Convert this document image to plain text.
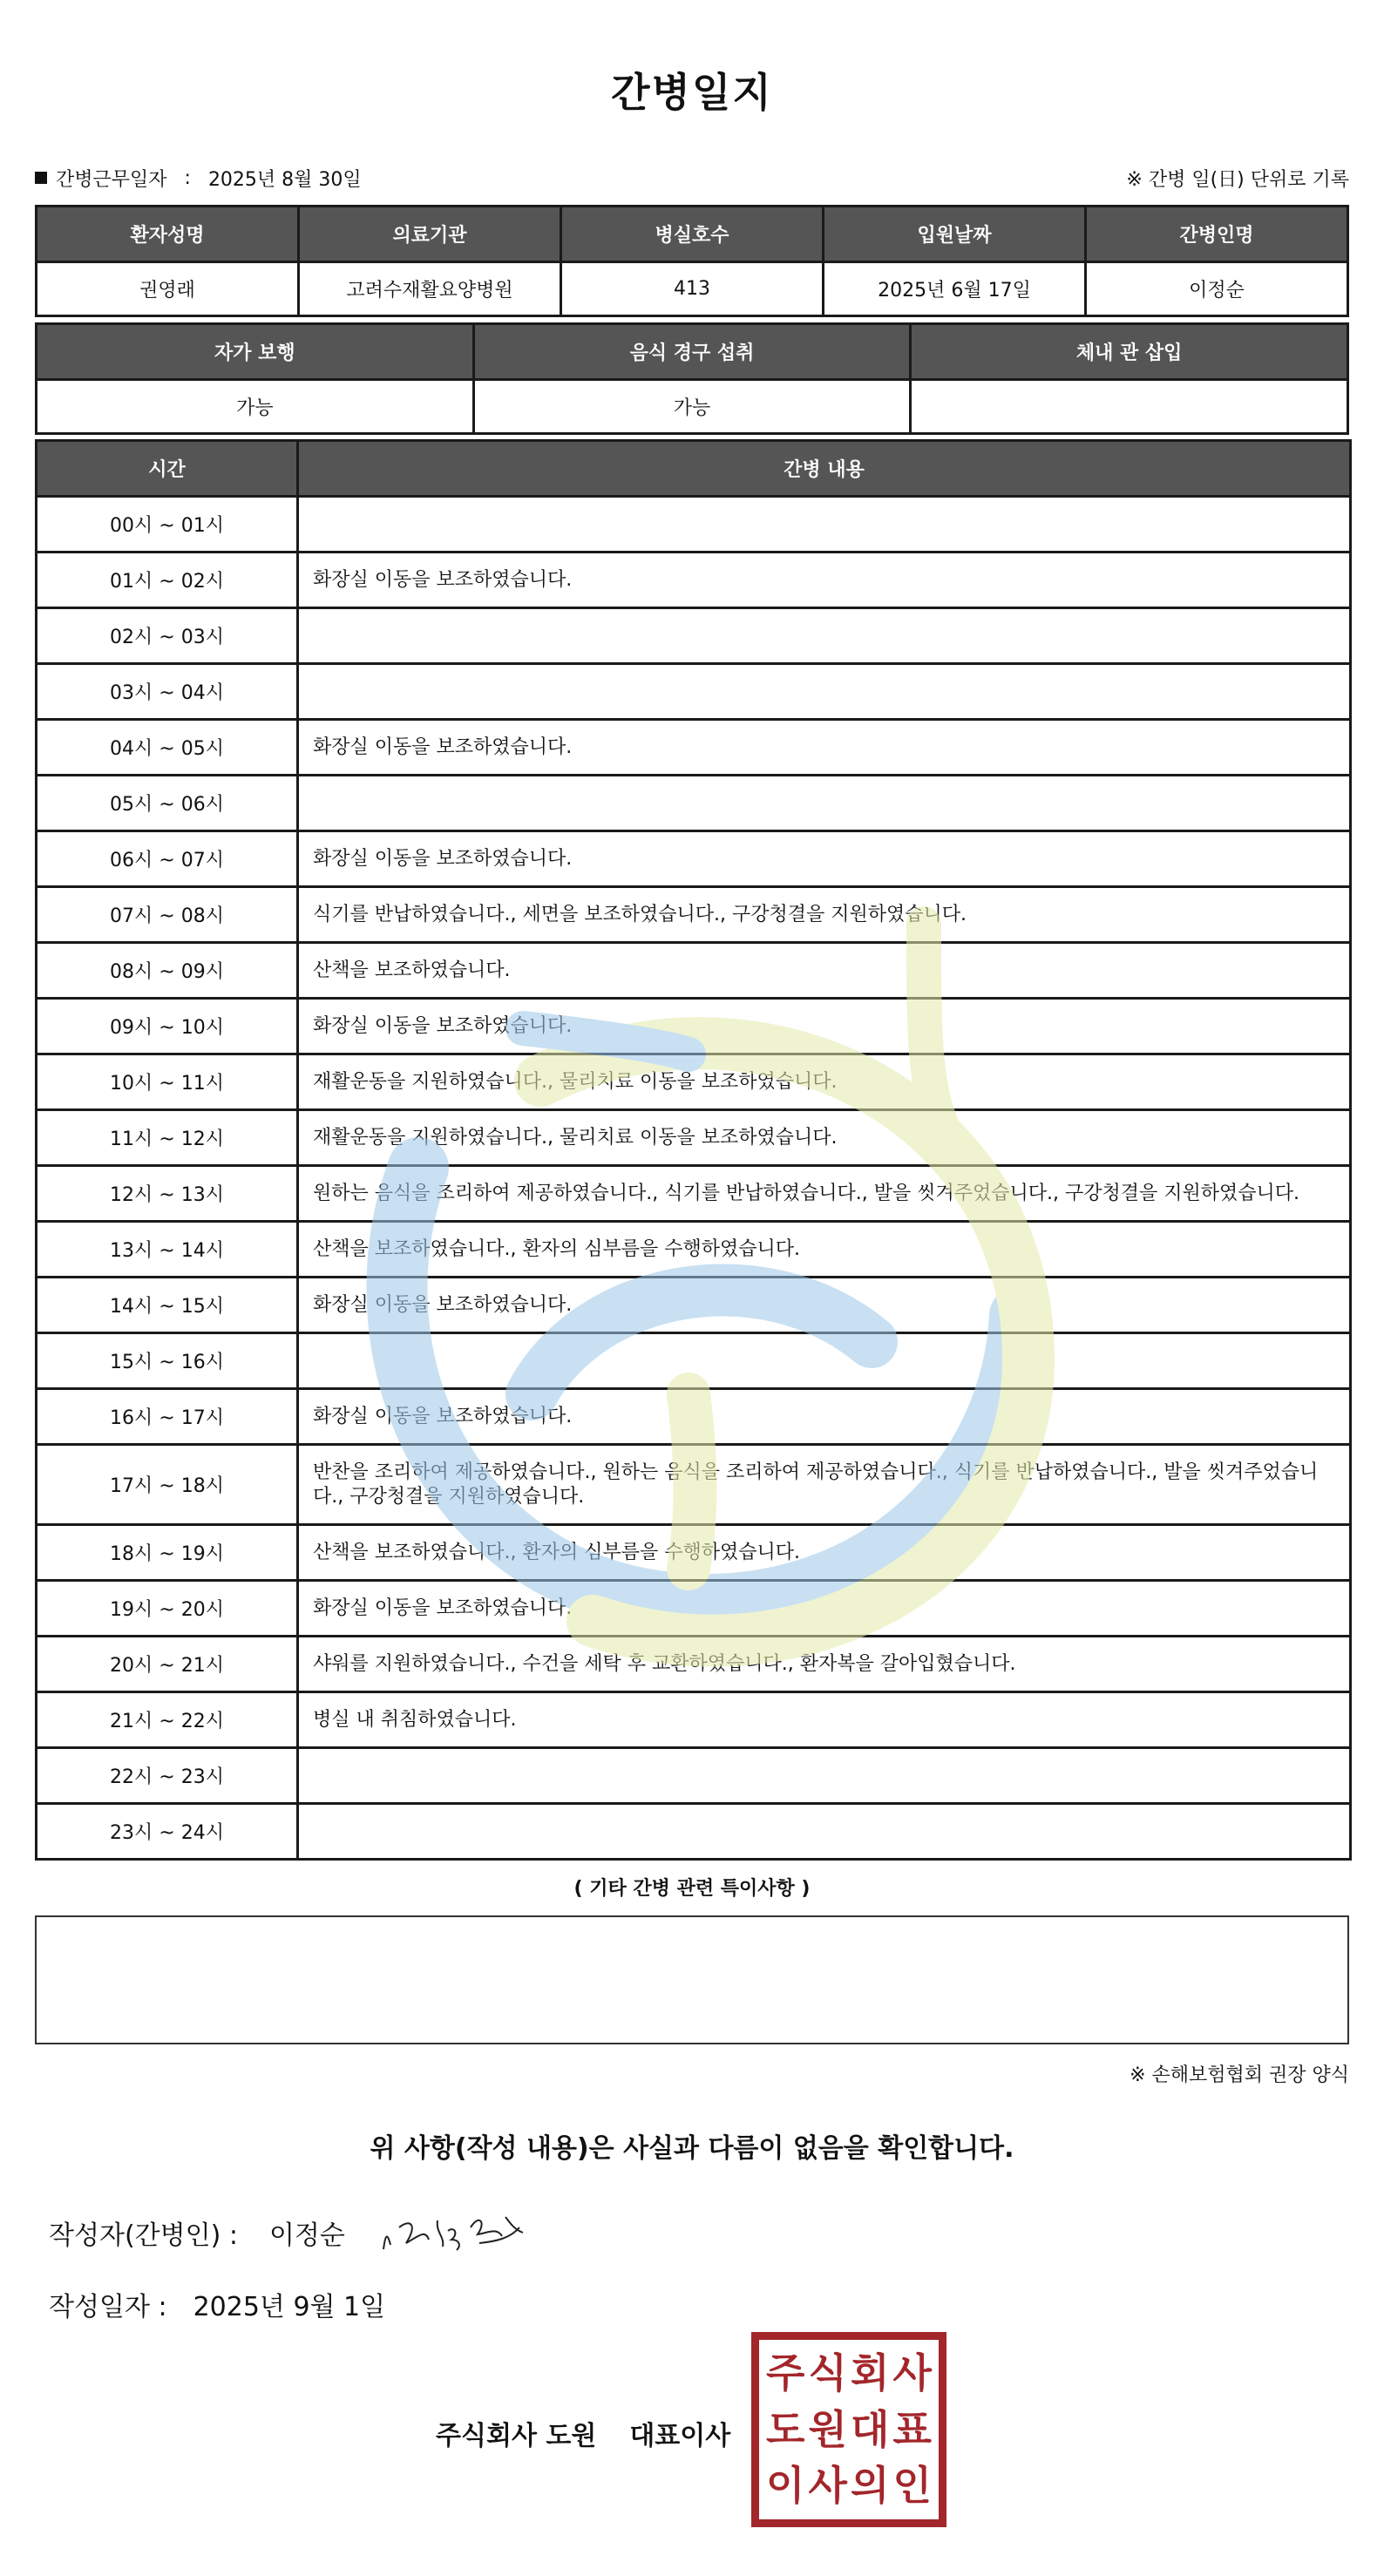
간병일지
간병근무일자 : 2025년 8월 30일	※ 간병 일(日) 단위로 기록
환자성명	의료기관	병실호수	입원날짜	간병인명
권영래	고려수재활요양병원	413	2025년 6월 17일	이정순
자가 보행	음식 경구 섭취	체내 관 삽입
가능	가능	
시간	간병 내용
00시 ~ 01시	
01시 ~ 02시	화장실 이동을 보조하였습니다.
02시 ~ 03시	
03시 ~ 04시	
04시 ~ 05시	화장실 이동을 보조하였습니다.
05시 ~ 06시	
06시 ~ 07시	화장실 이동을 보조하였습니다.
07시 ~ 08시	식기를 반납하였습니다., 세면을 보조하였습니다., 구강청결을 지원하였습니다.
08시 ~ 09시	산책을 보조하였습니다.
09시 ~ 10시	화장실 이동을 보조하였습니다.
10시 ~ 11시	재활운동을 지원하였습니다., 물리치료 이동을 보조하였습니다.
11시 ~ 12시	재활운동을 지원하였습니다., 물리치료 이동을 보조하였습니다.
12시 ~ 13시	원하는 음식을 조리하여 제공하였습니다., 식기를 반납하였습니다., 발을 씻겨주었습니다., 구강청결을 지원하였습니다.
13시 ~ 14시	산책을 보조하였습니다., 환자의 심부름을 수행하였습니다.
14시 ~ 15시	화장실 이동을 보조하였습니다.
15시 ~ 16시	
16시 ~ 17시	화장실 이동을 보조하였습니다.
17시 ~ 18시	반찬을 조리하여 제공하였습니다., 원하는 음식을 조리하여 제공하였습니다., 식기를 반납하였습니다., 발을 씻겨주었습니다., 구강청결을 지원하였습니다.
18시 ~ 19시	산책을 보조하였습니다., 환자의 심부름을 수행하였습니다.
19시 ~ 20시	화장실 이동을 보조하였습니다.
20시 ~ 21시	샤워를 지원하였습니다., 수건을 세탁 후 교환하였습니다., 환자복을 갈아입혔습니다.
21시 ~ 22시	병실 내 취침하였습니다.
22시 ~ 23시	
23시 ~ 24시	
( 기타 간병 관련 특이사항 )
※ 손해보험협회 권장 양식
위 사항(작성 내용)은 사실과 다름이 없음을 확인합니다.
작성자(간병인) : 이정순
작성일자 : 2025년 9월 1일
주식회사 도원 대표이사
주 식 회 사
도 원 대 표
이 사 의 인
